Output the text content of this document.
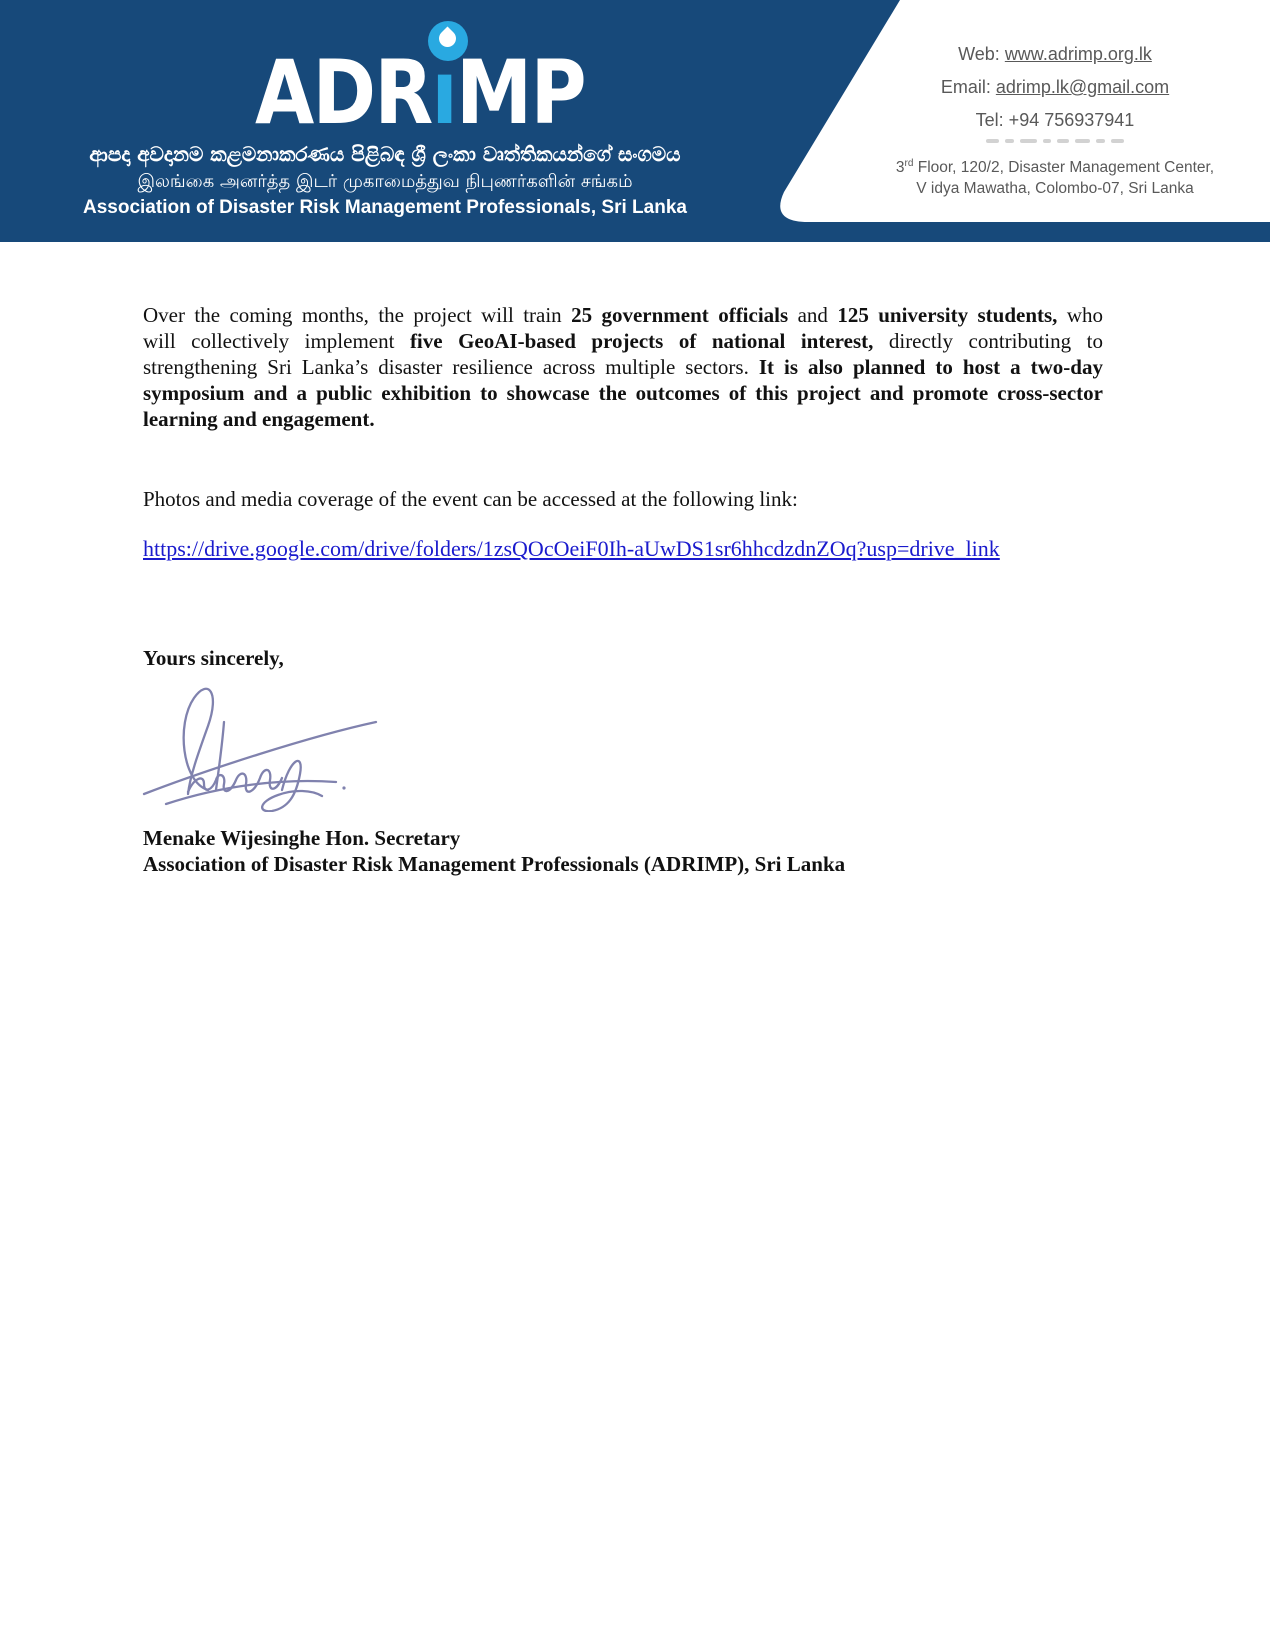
ADRıMP
ආපදා අවදානම කළමනාකරණය පිළිබඳ ශ්‍රී ලංකා වෘත්තිකයන්ගේ සංගමය
இலங்கை அனர்த்த இடர் முகாமைத்துவ நிபுணர்களின் சங்கம்
Association of Disaster Risk Management Professionals, Sri Lanka
Web: www.adrimp.org.lk
Email: adrimp.lk@gmail.com
Tel: +94 756937941
3rd Floor, 120/2, Disaster Management Center,
V idya Mawatha, Colombo-07, Sri Lanka
Over the coming months, the project will train 25 government officials and 125 university students, who
will collectively implement five GeoAI-based projects of national interest, directly contributing to
strengthening Sri Lanka’s disaster resilience across multiple sectors. It is also planned to host a two-day
symposium and a public exhibition to showcase the outcomes of this project and promote cross-sector
learning and engagement.
Photos and media coverage of the event can be accessed at the following link:
https://drive.google.com/drive/folders/1zsQOcOeiF0Ih-aUwDS1sr6hhcdzdnZOq?usp=drive_link
Yours sincerely,
Menake Wijesinghe Hon. Secretary
Association of Disaster Risk Management Professionals (ADRIMP), Sri Lanka
